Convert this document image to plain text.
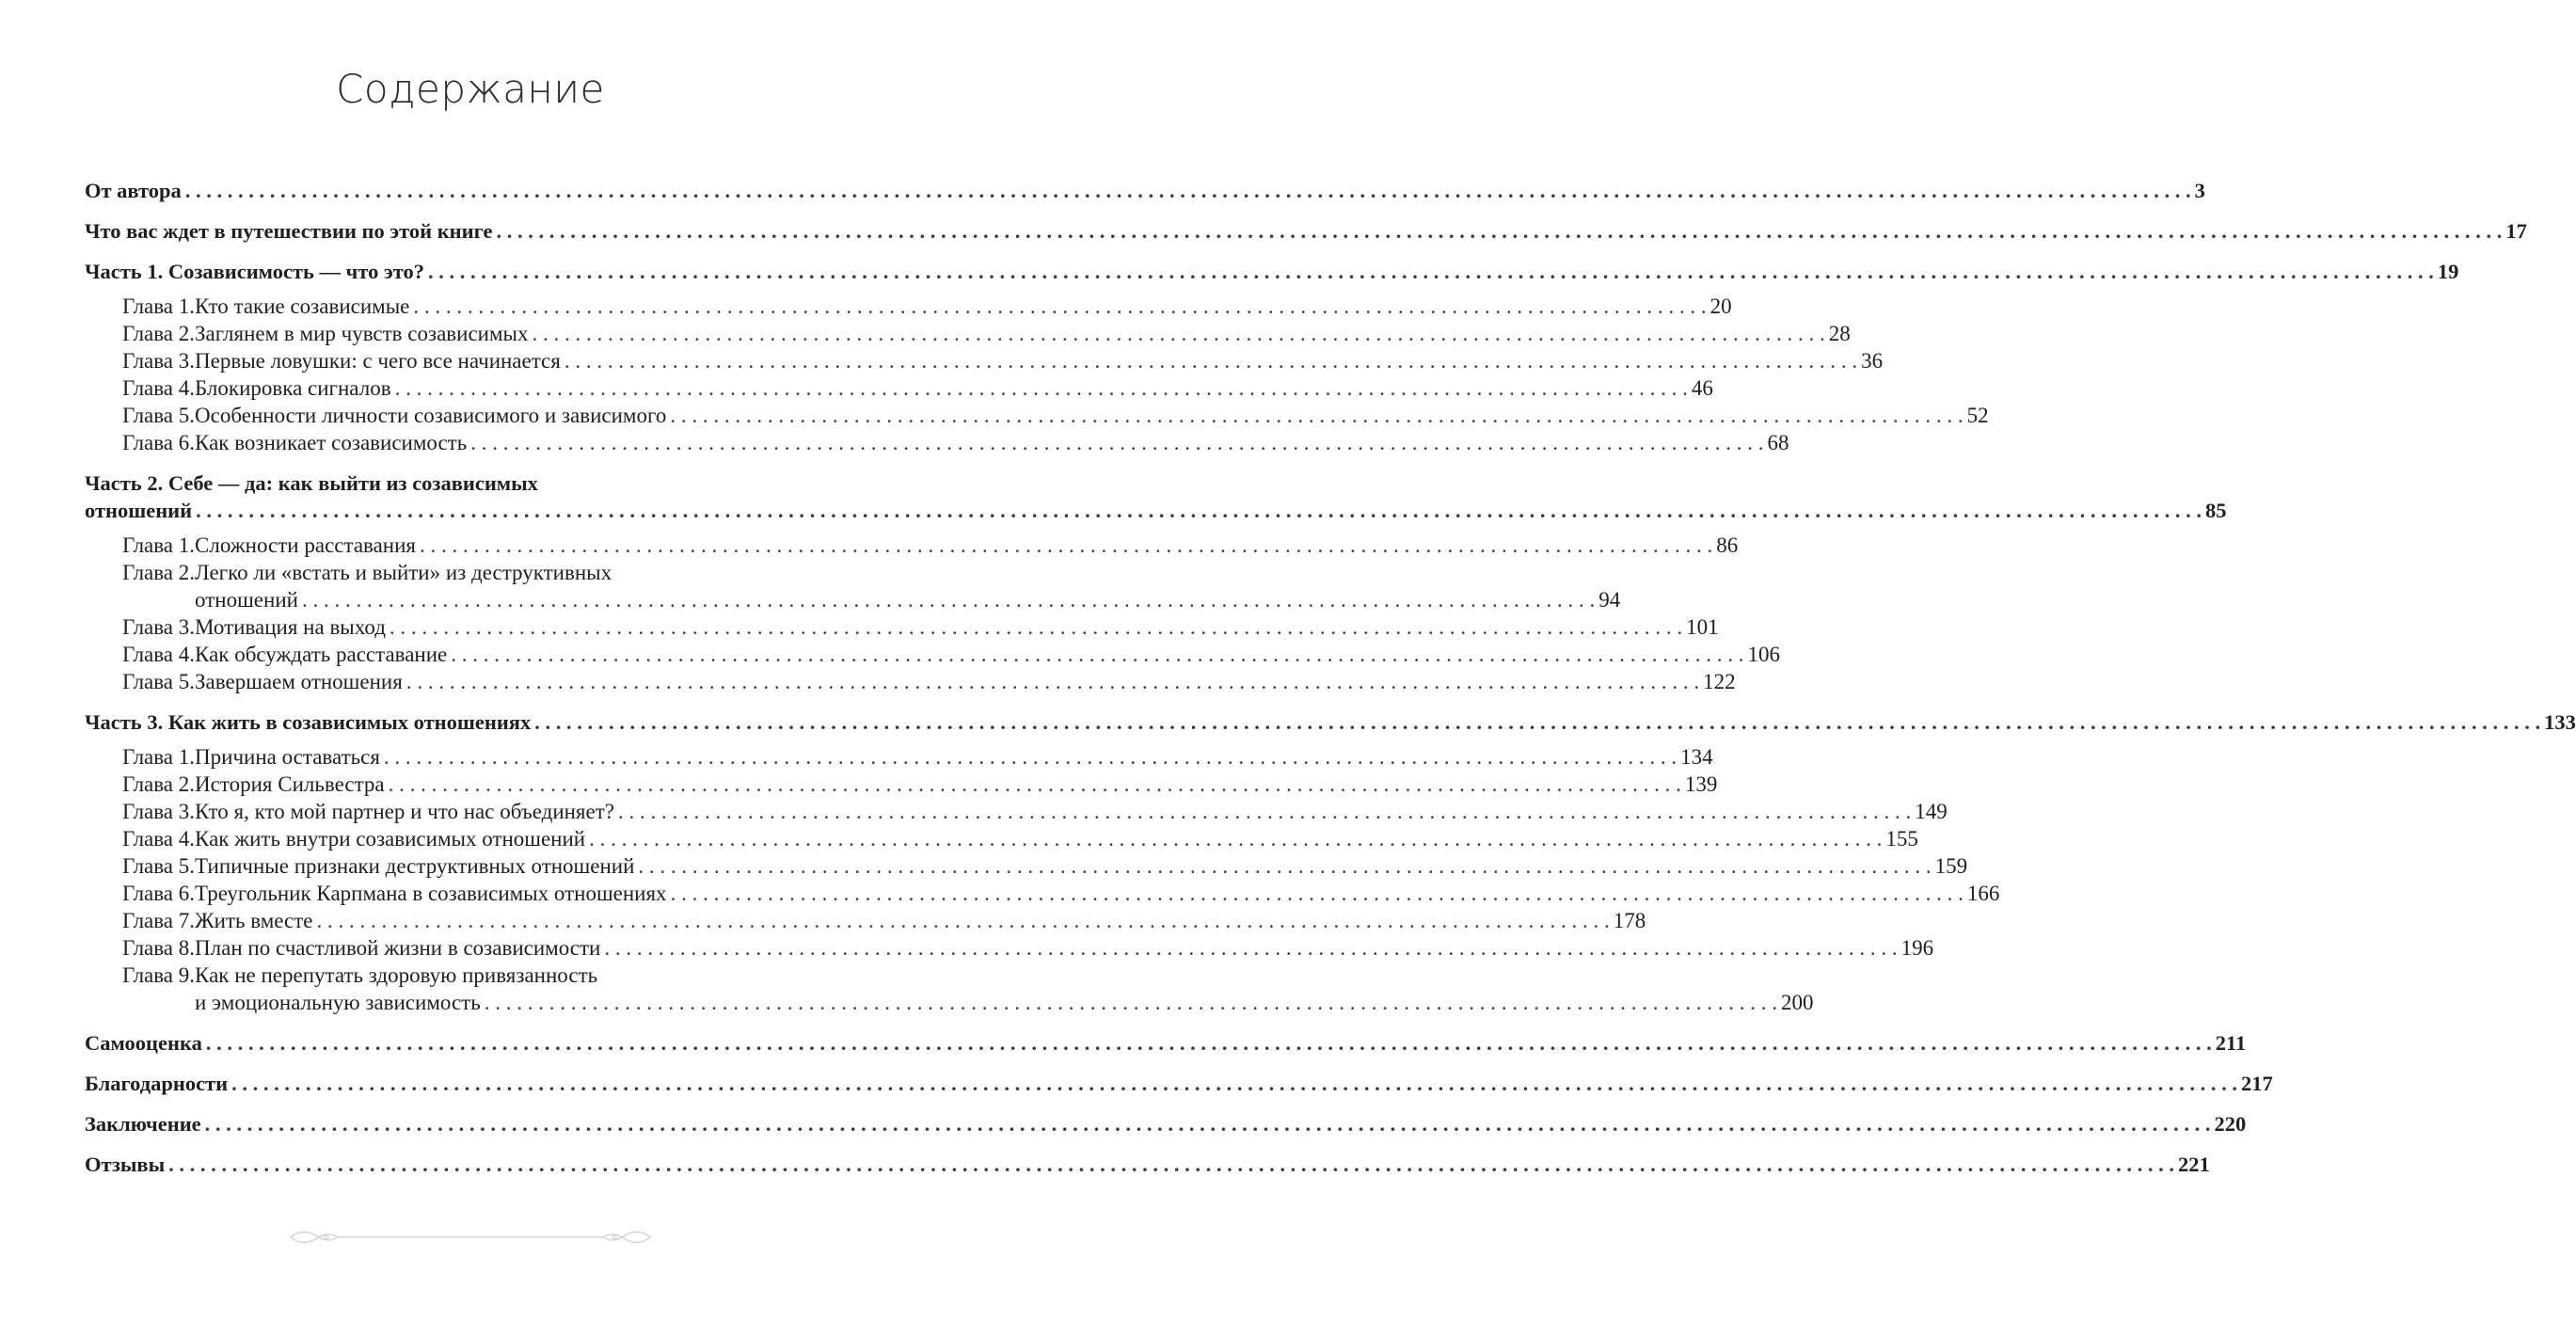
Содержание
От автора . . .	3
Что вас ждет в путешествии по этой книге . . .	17
Часть 1. Созависимость — что это? . . .	19
Глава 1. Кто такие созависимые . . .	20
Глава 2. Заглянем в мир чувств созависимых . . .	28
Глава 3. Первые ловушки: с чего все начинается . . .	36
Глава 4. Блокировка сигналов . . .	46
Глава 5. Особенности личности созависимого и зависимого . . .	52
Глава 6. Как возникает созависимость . . .	68
Часть 2. Себе — да: как выйти из созависимых
отношений . . .	85
Глава 1. Сложности расставания . . .	86
Глава 2. Легко ли «встать и выйти» из деструктивных
отношений . . .	94
Глава 3. Мотивация на выход . . .	101
Глава 4. Как обсуждать расставание . . .	106
Глава 5. Завершаем отношения . . .	122
Часть 3. Как жить в созависимых отношениях . . .	133
Глава 1. Причина оставаться . . .	134
Глава 2. История Сильвестра . . .	139
Глава 3. Кто я, кто мой партнер и что нас объединяет? . . .	149
Глава 4. Как жить внутри созависимых отношений . . .	155
Глава 5. Типичные признаки деструктивных отношений . . .	159
Глава 6. Треугольник Карпмана в созависимых отношениях . . .	166
Глава 7. Жить вместе . . .	178
Глава 8. План по счастливой жизни в созависимости . . .	196
Глава 9. Как не перепутать здоровую привязанность
и эмоциональную зависимость . . .	200
Самооценка . . .	211
Благодарности . . .	217
Заключение . . .	220
Отзывы . . .	221
